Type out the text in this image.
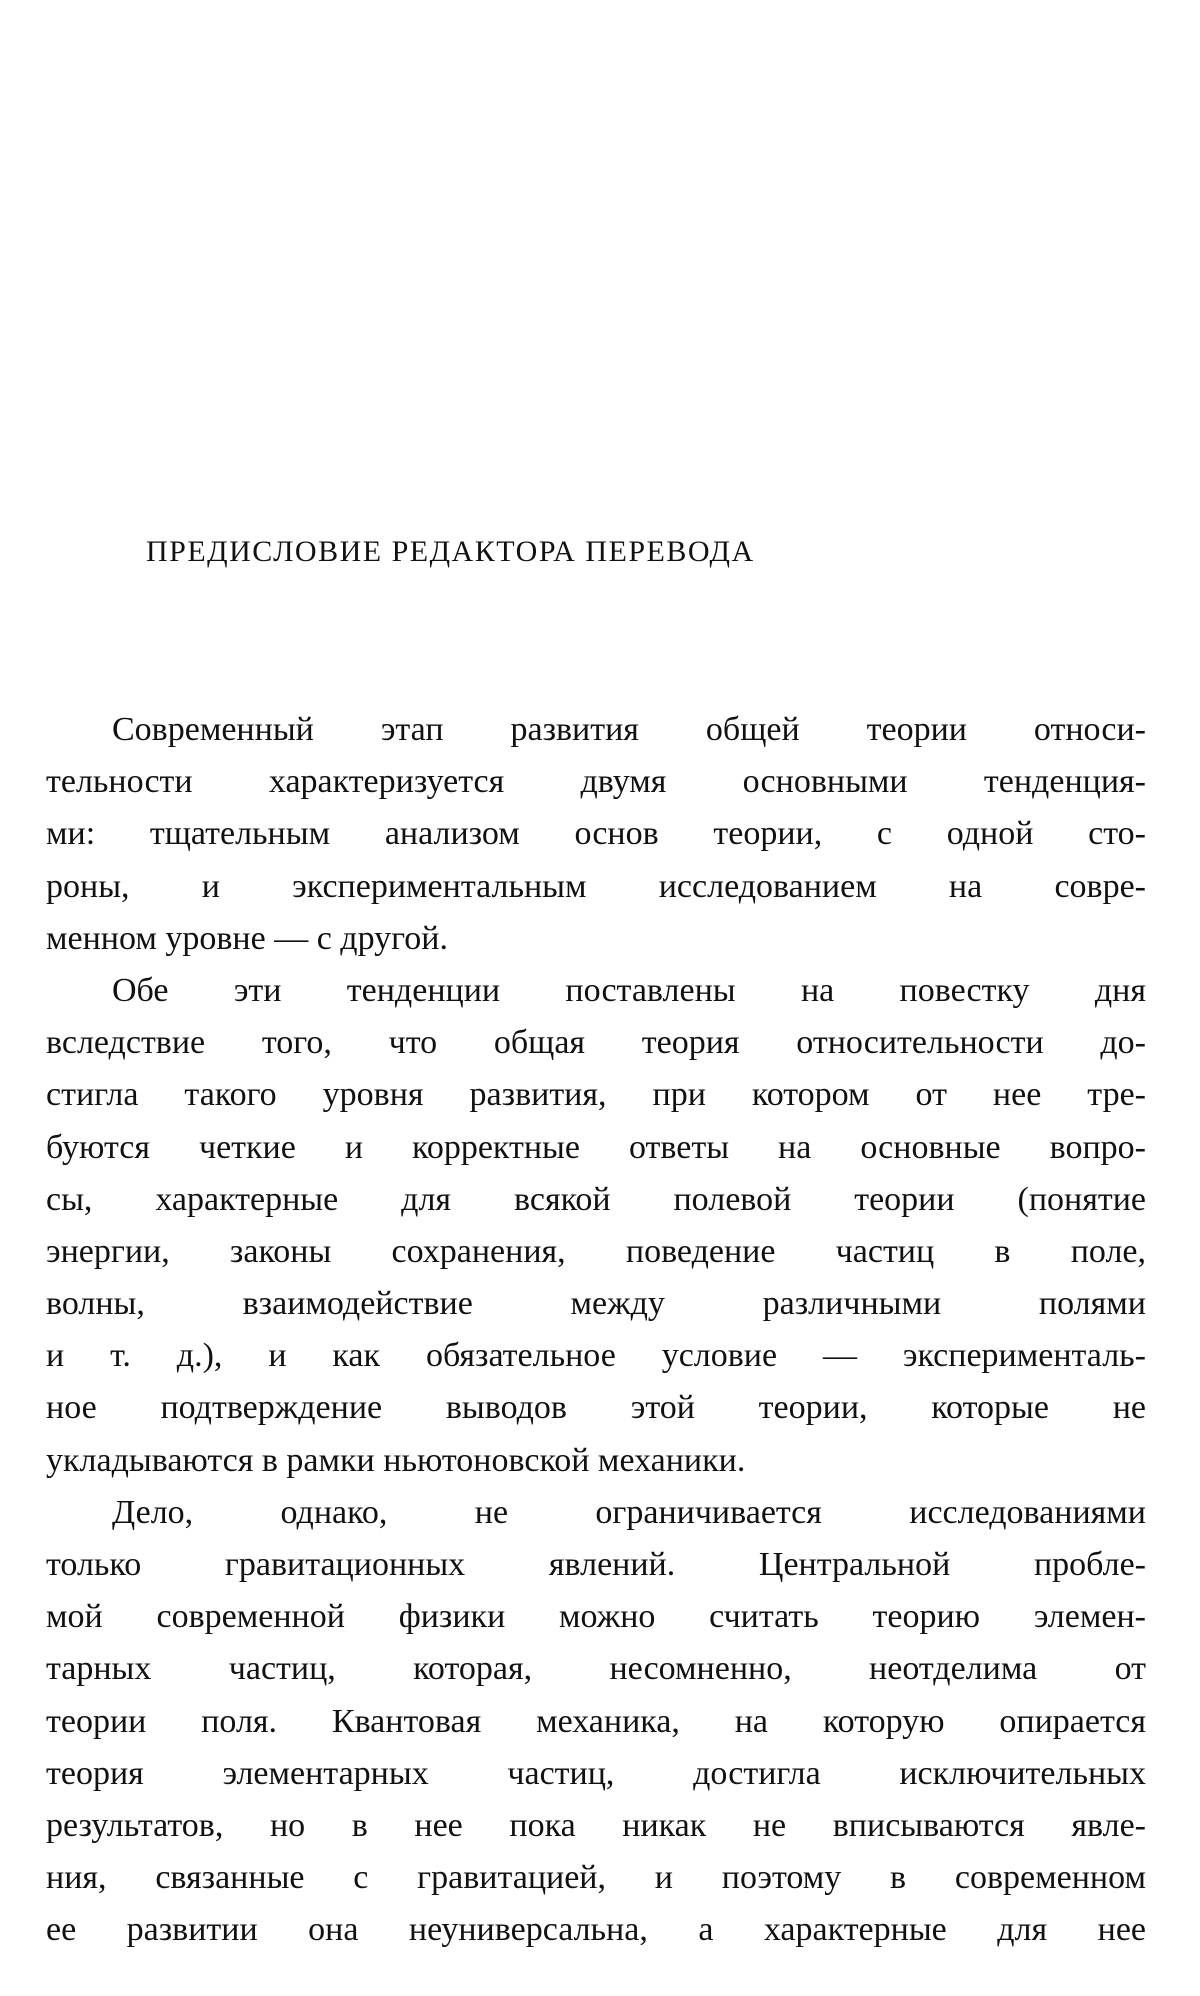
ПРЕДИСЛОВИЕ РЕДАКТОРА ПЕРЕВОДА
Современный этап развития общей теории относи-
тельности характеризуется двумя основными тенденция-
ми: тщательным анализом основ теории, с одной сто-
роны, и экспериментальным исследованием на совре-
менном уровне — с другой.
Обе эти тенденции поставлены на повестку дня
вследствие того, что общая теория относительности до-
стигла такого уровня развития, при котором от нее тре-
буются четкие и корректные ответы на основные вопро-
сы, характерные для всякой полевой теории (понятие
энергии, законы сохранения, поведение частиц в поле,
волны, взаимодействие между различными полями
и т. д.), и как обязательное условие — эксперименталь-
ное подтверждение выводов этой теории, которые не
укладываются в рамки ньютоновской механики.
Дело, однако, не ограничивается исследованиями
только гравитационных явлений. Центральной пробле-
мой современной физики можно считать теорию элемен-
тарных частиц, которая, несомненно, неотделима от
теории поля. Квантовая механика, на которую опирается
теория элементарных частиц, достигла исключительных
результатов, но в нее пока никак не вписываются явле-
ния, связанные с гравитацией, и поэтому в современном
ее развитии она неуниверсальна, а характерные для нее
